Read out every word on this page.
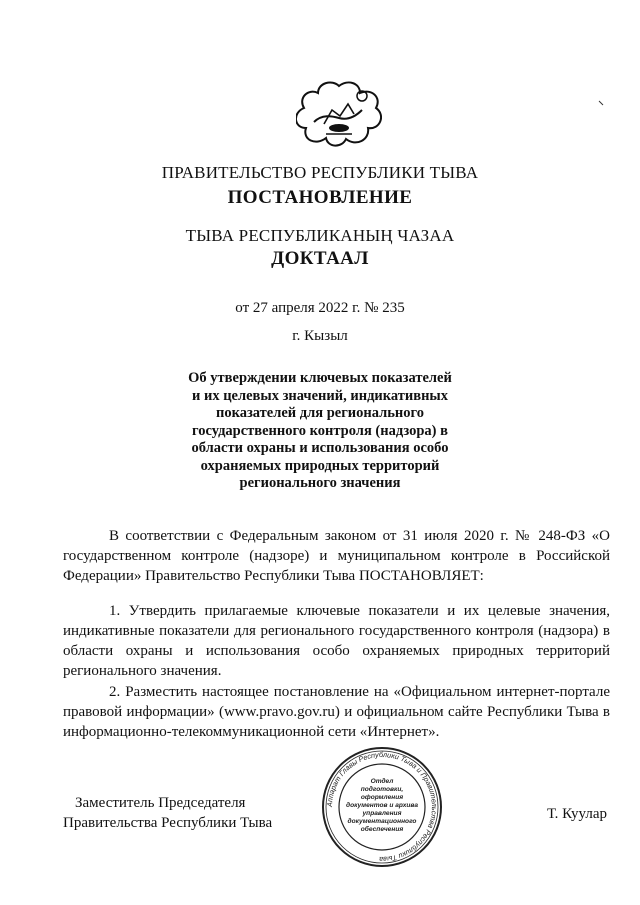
ПРАВИТЕЛЬСТВО РЕСПУБЛИКИ ТЫВА
ПОСТАНОВЛЕНИЕ
ТЫВА РЕСПУБЛИКАНЫҢ ЧАЗАА
ДОКТААЛ
от 27 апреля 2022 г. № 235
г. Кызыл
Об утверждении ключевых показателей
и их целевых значений, индикативных
показателей для регионального
государственного контроля (надзора) в
области охраны и использования особо
охраняемых природных территорий
регионального значения

В соответствии с Федеральным законом от 31 июля 2020 г. № 248-ФЗ «О государственном контроле (надзоре) и муниципальном контроле в Российской Федерации» Правительство Республики Тыва ПОСТАНОВЛЯЕТ:

1. Утвердить прилагаемые ключевые показатели и их целевые значения, индикативные показатели для регионального государственного контроля (надзора) в области охраны и использования особо охраняемых природных территорий регионального значения.

2. Разместить настоящее постановление на «Официальном интернет-портале правовой информации» (www.pravo.gov.ru) и официальном сайте Республики Тыва в информационно-телекоммуникационной сети «Интернет».

Заместитель Председателя
Правительства Республики Тыва
Аппарат Главы Республики Тыва и Правительства Республики Тыва
Отдел
подготовки,
оформления
документов и архива
управления
документационного
обеспечения
Т. Куулар
